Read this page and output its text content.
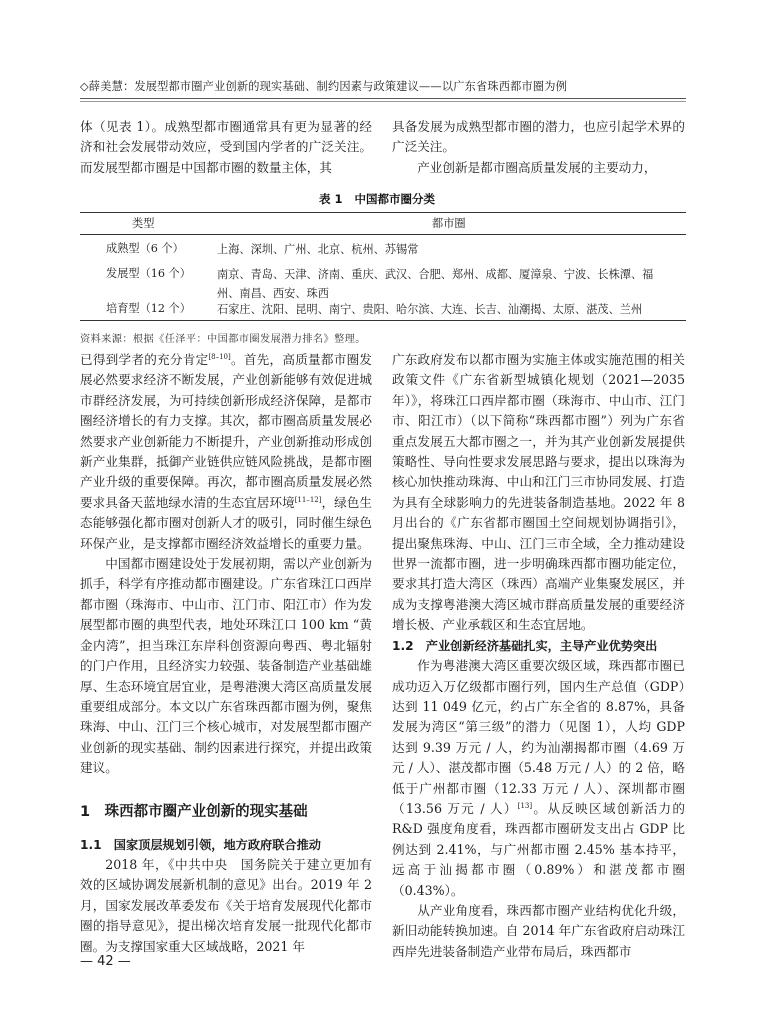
◇薛美慧：发展型都市圈产业创新的现实基础、制约因素与政策建议——以广东省珠西都市圈为例

体（见表 1）。成熟型都市圈通常具有更为显著的经济和社会发展带动效应，受到国内学者的广泛关注。而发展型都市圈是中国都市圈的数量主体，其

具备发展为成熟型都市圈的潜力，也应引起学术界的广泛关注。

产业创新是都市圈高质量发展的主要动力，

表 1 中国都市圈分类
类型	都市圈
成熟型（6 个）	上海、深圳、广州、北京、杭州、苏锡常
发展型（16 个）	南京、青岛、天津、济南、重庆、武汉、合肥、郑州、成都、厦漳泉、宁波、长株潭、福州、南昌、西安、珠西
培育型（12 个）	石家庄、沈阳、昆明、南宁、贵阳、哈尔滨、大连、长吉、汕潮揭、太原、湛茂、兰州
资料来源：根据《任泽平：中国都市圈发展潜力排名》整理。

已得到学者的充分肯定[8–10]。首先，高质量都市圈发展必然要求经济不断发展，产业创新能够有效促进城市群经济发展，为可持续创新形成经济保障，是都市圈经济增长的有力支撑。其次，都市圈高质量发展必然要求产业创新能力不断提升，产业创新推动形成创新产业集群，抵御产业链供应链风险挑战，是都市圈产业升级的重要保障。再次，都市圈高质量发展必然要求具备天蓝地绿水清的生态宜居环境[11–12]，绿色生态能够强化都市圈对创新人才的吸引，同时催生绿色环保产业，是支撑都市圈经济效益增长的重要力量。

中国都市圈建设处于发展初期，需以产业创新为抓手，科学有序推动都市圈建设。广东省珠江口西岸都市圈（珠海市、中山市、江门市、阳江市）作为发展型都市圈的典型代表，地处环珠江口 100 km “黄金内湾”，担当珠江东岸科创资源向粤西、粤北辐射的门户作用，且经济实力较强、装备制造产业基础雄厚、生态环境宜居宜业，是粤港澳大湾区高质量发展重要组成部分。本文以广东省珠西都市圈为例，聚焦珠海、中山、江门三个核心城市，对发展型都市圈产业创新的现实基础、制约因素进行探究，并提出政策建议。

1　珠西都市圈产业创新的现实基础
1.1　国家顶层规划引领，地方政府联合推动

2018 年，《中共中央　国务院关于建立更加有效的区域协调发展新机制的意见》出台。2019 年 2 月，国家发展改革委发布《关于培育发展现代化都市圈的指导意见》，提出梯次培育发展一批现代化都市圈。为支撑国家重大区域战略，2021 年

广东政府发布以都市圈为实施主体或实施范围的相关政策文件《广东省新型城镇化规划（2021—2035 年）》，将珠江口西岸都市圈（珠海市、中山市、江门市、阳江市）（以下简称“珠西都市圈”）列为广东省重点发展五大都市圈之一，并为其产业创新发展提供策略性、导向性要求发展思路与要求，提出以珠海为核心加快推动珠海、中山和江门三市协同发展、打造为具有全球影响力的先进装备制造基地。2022 年 8 月出台的《广东省都市圈国土空间规划协调指引》，提出聚焦珠海、中山、江门三市全域，全力推动建设世界一流都市圈，进一步明确珠西都市圈功能定位，要求其打造大湾区（珠西）高端产业集聚发展区，并成为支撑粤港澳大湾区城市群高质量发展的重要经济增长极、产业承载区和生态宜居地。

1.2　产业创新经济基础扎实，主导产业优势突出

作为粤港澳大湾区重要次级区域，珠西都市圈已成功迈入万亿级都市圈行列，国内生产总值（GDP）达到 11 049 亿元，约占广东全省的 8.87%，具备发展为湾区“第三级”的潜力（见图 1），人均 GDP 达到 9.39 万元 / 人，约为汕潮揭都市圈（4.69 万元 / 人）、湛茂都市圈（5.48 万元 / 人）的 2 倍，略低于广州都市圈（12.33 万元 / 人）、深圳都市圈（13.56 万元 / 人）[13]。从反映区域创新活力的 R&D 强度角度看，珠西都市圈研发支出占 GDP 比例达到 2.41%，与广州都市圈 2.45% 基本持平，远高于汕揭都市圈（0.89%）和湛茂都市圈（0.43%）。

从产业角度看，珠西都市圈产业结构优化升级，新旧动能转换加速。自 2014 年广东省政府启动珠江西岸先进装备制造产业带布局后，珠西都市

— 42 —
